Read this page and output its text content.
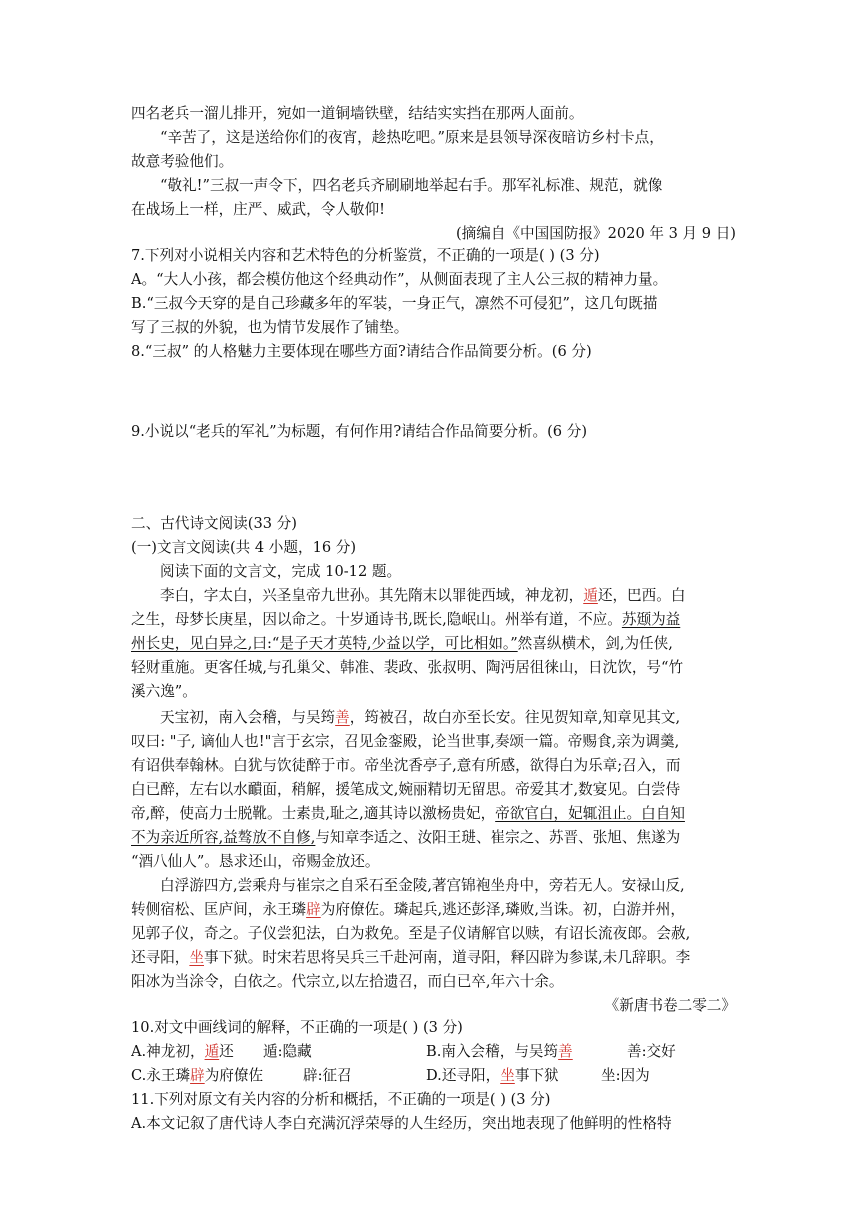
四名老兵一溜儿排开，宛如一道铜墙铁壁，结结实实挡在那两人面前。
“辛苦了，这是送给你们的夜宵，趁热吃吧。”原来是县领导深夜暗访乡村卡点，
故意考验他们。
“敬礼!”三叔一声令下，四名老兵齐刷刷地举起右手。那军礼标准、规范，就像
在战场上一样，庄严、威武，令人敬仰!
(摘编自《中国国防报》2020 年 3 月 9 日)
7.下列对小说相关内容和艺术特色的分析鉴赏，不正确的一项是( ) (3 分)
A。“大人小孩，都会模仿他这个经典动作”，从侧面表现了主人公三叔的精神力量。
B.“三叔今天穿的是自己珍藏多年的军装，一身正气，凛然不可侵犯”，这几句既描
写了三叔的外貌，也为情节发展作了铺垫。
8.“三叔” 的人格魅力主要体现在哪些方面?请结合作品简要分析。(6 分)
9.小说以“老兵的军礼”为标题，有何作用?请结合作品简要分析。(6 分)
二、古代诗文阅读(33 分)
(一)文言文阅读(共 4 小题，16 分)
阅读下面的文言文，完成 10-12 题。
李白，字太白，兴圣皇帝九世孙。其先隋末以罪徙西域，神龙初，遁还，巴西。白
之生，母梦长庚星，因以命之。十岁通诗书,既长,隐岷山。州举有道，不应。苏颋为益
州长史，见白异之,曰:“是子天才英特,少益以学，可比相如。”然喜纵横术，剑,为任侠,
轻财重施。更客任城,与孔巢父、韩准、裴政、张叔明、陶沔居徂徕山，日沈饮，号“竹
溪六逸”。
天宝初，南入会稽，与吴筠善，筠被召，故白亦至长安。往见贺知章,知章见其文,
叹曰: "子, 谪仙人也!"言于玄宗，召见金銮殿，论当世事,奏颂一篇。帝赐食,亲为调羹,
有诏供奉翰林。白犹与饮徒醉于市。帝坐沈香亭子,意有所感，欲得白为乐章;召入，而
白已醉，左右以水靧面，稍解，援笔成文,婉丽精切无留思。帝爱其才,数宴见。白尝侍
帝,醉，使高力士脱靴。士素贵,耻之,適其诗以激杨贵妃，帝欲官白，妃辄沮止。白自知
不为亲近所容,益骜放不自修,与知章李适之、汝阳王琎、崔宗之、苏晋、张旭、焦遂为
“酒八仙人”。恳求还山，帝赐金放还。
白浮游四方,尝乘舟与崔宗之自采石至金陵,著宫锦袍坐舟中，旁若无人。安禄山反,
转侧宿松、匡庐间，永王璘辟为府僚佐。璘起兵,逃还彭泽,璘败,当诛。初，白游并州，
见郭子仪，奇之。子仪尝犯法，白为救免。至是子仪请解官以赎，有诏长流夜郎。会赦,
还寻阳，坐事下狱。时宋若思将吴兵三千赴河南，道寻阳，释囚辟为参谋,未几辞职。李
阳冰为当涂令，白依之。代宗立,以左拾遗召，而白已卒,年六十余。
《新唐书卷二零二》
10.对文中画线词的解释，不正确的一项是( ) (3 分)
A.神龙初，遁还 遁:隐藏	B.南入会稽，与吴筠善	善:交好
C.永王璘辟为府僚佐	辟:征召	D.还寻阳，坐事下狱	坐:因为
11.下列对原文有关内容的分析和概括，不正确的一项是( ) (3 分)
A.本文记叙了唐代诗人李白充满沉浮荣辱的人生经历，突出地表现了他鲜明的性格特
